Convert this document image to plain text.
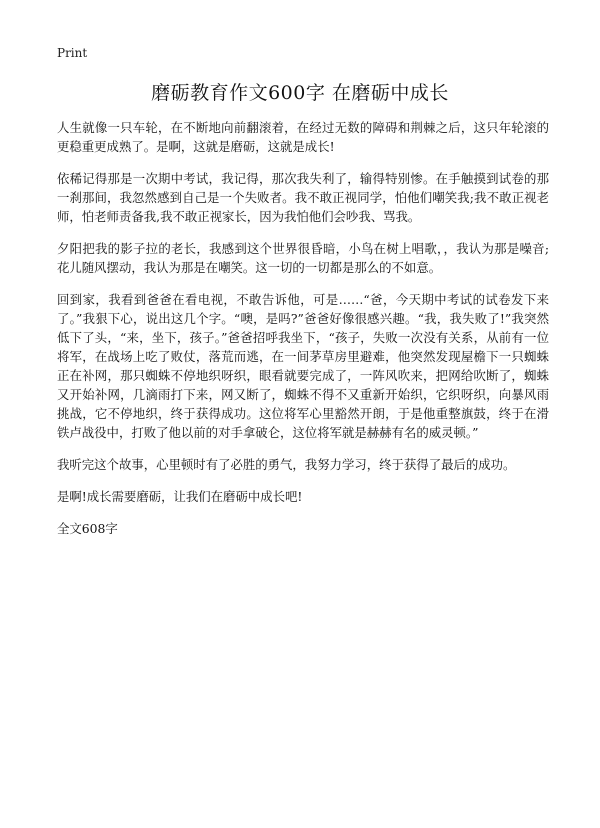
Print
磨砺教育作文600字 在磨砺中成长

人生就像一只车轮，在不断地向前翻滚着，在经过无数的障碍和荆棘之后，这只年轮滚的更稳重更成熟了。是啊，这就是磨砺，这就是成长!

依稀记得那是一次期中考试，我记得，那次我失利了，输得特别惨。在手触摸到试卷的那一刹那间，我忽然感到自己是一个失败者。我不敢正视同学，怕他们嘲笑我;我不敢正视老师，怕老师责备我,我不敢正视家长，因为我怕他们会吵我、骂我。

夕阳把我的影子拉的老长，我感到这个世界很昏暗，小鸟在树上唱歌，，我认为那是噪音;花儿随风摆动，我认为那是在嘲笑。这一切的一切都是那么的不如意。

回到家，我看到爸爸在看电视，不敢告诉他，可是……“爸，今天期中考试的试卷发下来了。”我狠下心，说出这几个字。“噢，是吗?”爸爸好像很感兴趣。“我，我失败了!”我突然低下了头，“来，坐下，孩子。”爸爸招呼我坐下，“孩子，失败一次没有关系，从前有一位将军，在战场上吃了败仗，落荒而逃，在一间茅草房里避难，他突然发现屋檐下一只蜘蛛正在补网，那只蜘蛛不停地织呀织，眼看就要完成了，一阵风吹来，把网给吹断了，蜘蛛又开始补网，几滴雨打下来，网又断了，蜘蛛不得不又重新开始织，它织呀织，向暴风雨挑战，它不停地织，终于获得成功。这位将军心里豁然开朗，于是他重整旗鼓，终于在滑铁卢战役中，打败了他以前的对手拿破仑，这位将军就是赫赫有名的威灵顿。”

我听完这个故事，心里顿时有了必胜的勇气，我努力学习，终于获得了最后的成功。

是啊!成长需要磨砺，让我们在磨砺中成长吧!

全文608字
